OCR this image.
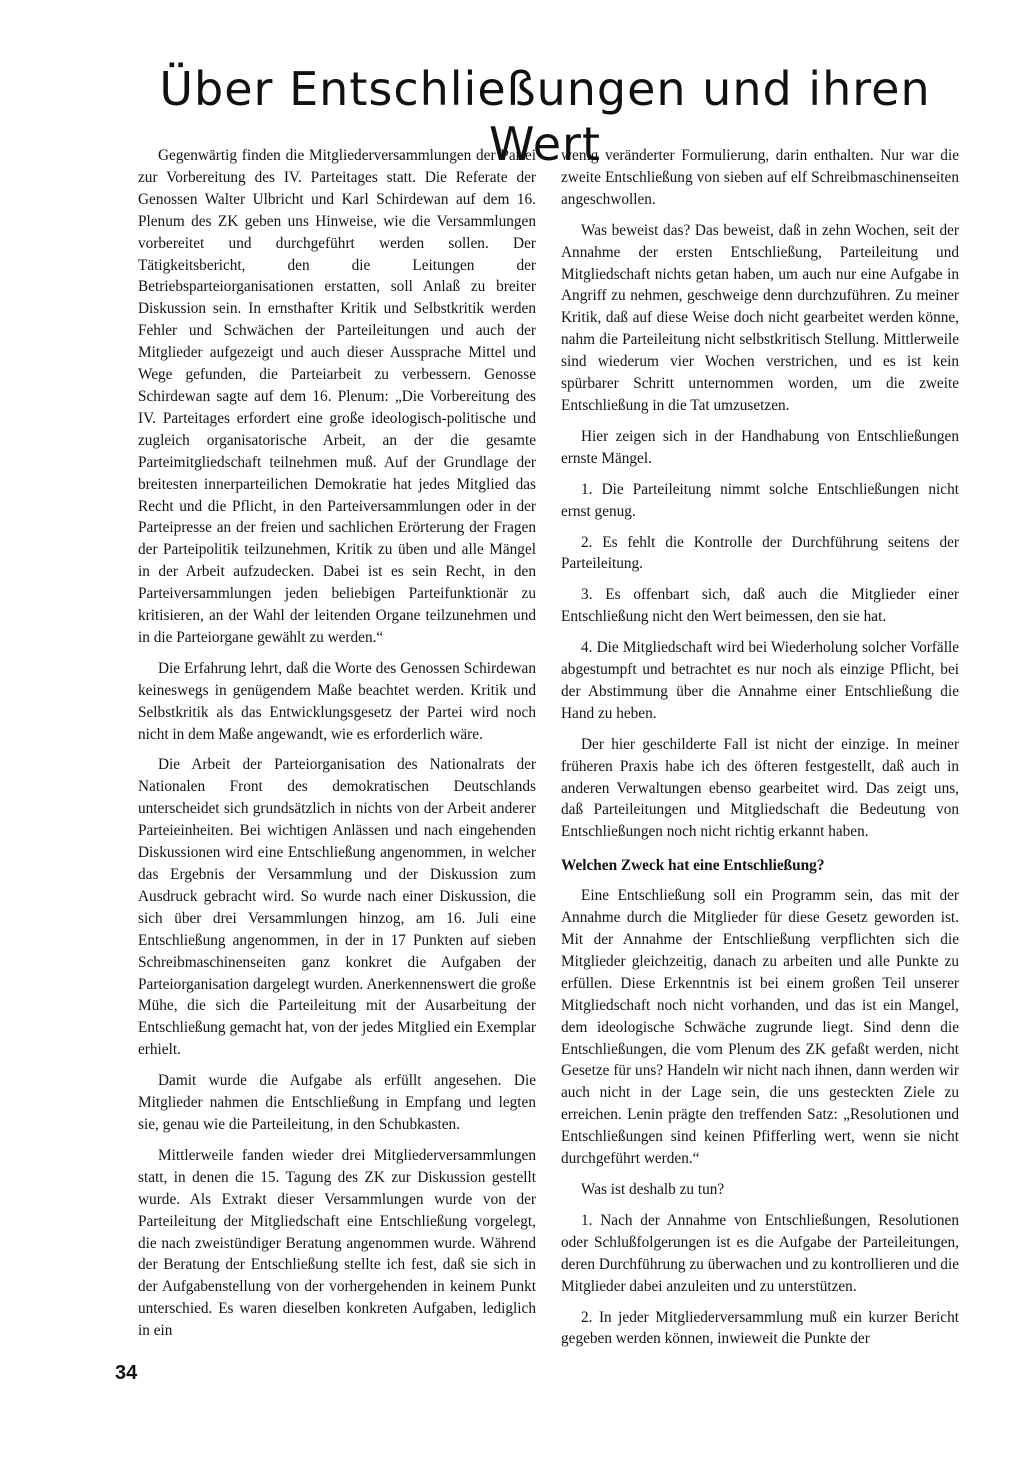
Über Entschließungen und ihren Wert

Gegenwärtig finden die Mitgliederversammlungen der Partei zur Vorbereitung des IV. Parteitages statt. Die Referate der Genossen Walter Ulbricht und Karl Schirdewan auf dem 16. Plenum des ZK geben uns Hinweise, wie die Versammlungen vorbereitet und durchgeführt werden sollen. Der Tätigkeitsbericht, den die Leitungen der Betriebsparteiorganisationen erstatten, soll Anlaß zu breiter Diskussion sein. In ernsthafter Kritik und Selbstkritik werden Fehler und Schwächen der Parteileitungen und auch der Mitglieder aufgezeigt und auch dieser Aussprache Mittel und Wege gefunden, die Parteiarbeit zu verbessern. Genosse Schirdewan sagte auf dem 16. Plenum: „Die Vorbereitung des IV. Parteitages erfordert eine große ideologisch-politische und zugleich organisatorische Arbeit, an der die gesamte Parteimitgliedschaft teilnehmen muß. Auf der Grundlage der breitesten innerparteilichen Demokratie hat jedes Mitglied das Recht und die Pflicht, in den Parteiversammlungen oder in der Parteipresse an der freien und sachlichen Erörterung der Fragen der Parteipolitik teilzunehmen, Kritik zu üben und alle Mängel in der Arbeit aufzudecken. Dabei ist es sein Recht, in den Parteiversammlungen jeden beliebigen Parteifunktionär zu kritisieren, an der Wahl der leitenden Organe teilzunehmen und in die Parteiorgane gewählt zu werden.“

Die Erfahrung lehrt, daß die Worte des Genossen Schirdewan keineswegs in genügendem Maße beachtet werden. Kritik und Selbstkritik als das Entwicklungsgesetz der Partei wird noch nicht in dem Maße angewandt, wie es erforderlich wäre.

Die Arbeit der Parteiorganisation des Nationalrats der Nationalen Front des demokratischen Deutschlands unterscheidet sich grundsätzlich in nichts von der Arbeit anderer Parteieinheiten. Bei wichtigen Anlässen und nach eingehenden Diskussionen wird eine Entschließung angenommen, in welcher das Ergebnis der Versammlung und der Diskussion zum Ausdruck gebracht wird. So wurde nach einer Diskussion, die sich über drei Versammlungen hinzog, am 16. Juli eine Entschließung angenommen, in der in 17 Punkten auf sieben Schreibmaschinenseiten ganz konkret die Aufgaben der Parteiorganisation dargelegt wurden. Anerkennenswert die große Mühe, die sich die Parteileitung mit der Ausarbeitung der Entschließung gemacht hat, von der jedes Mitglied ein Exemplar erhielt.

Damit wurde die Aufgabe als erfüllt angesehen. Die Mitglieder nahmen die Entschließung in Empfang und legten sie, genau wie die Parteileitung, in den Schubkasten.

Mittlerweile fanden wieder drei Mitgliederversammlungen statt, in denen die 15. Tagung des ZK zur Diskussion gestellt wurde. Als Extrakt dieser Versammlungen wurde von der Parteileitung der Mitgliedschaft eine Entschließung vorgelegt, die nach zweistündiger Beratung angenommen wurde. Während der Beratung der Entschließung stellte ich fest, daß sie sich in der Aufgabenstellung von der vorhergehenden in keinem Punkt unterschied. Es waren dieselben konkreten Aufgaben, lediglich in ein

wenig veränderter Formulierung, darin enthalten. Nur war die zweite Entschließung von sieben auf elf Schreibmaschinenseiten angeschwollen.

Was beweist das? Das beweist, daß in zehn Wochen, seit der Annahme der ersten Entschließung, Parteileitung und Mitgliedschaft nichts getan haben, um auch nur eine Aufgabe in Angriff zu nehmen, geschweige denn durchzuführen. Zu meiner Kritik, daß auf diese Weise doch nicht gearbeitet werden könne, nahm die Parteileitung nicht selbstkritisch Stellung. Mittlerweile sind wiederum vier Wochen verstrichen, und es ist kein spürbarer Schritt unternommen worden, um die zweite Entschließung in die Tat umzusetzen.

Hier zeigen sich in der Handhabung von Entschließungen ernste Mängel.

1. Die Parteileitung nimmt solche Entschließungen nicht ernst genug.

2. Es fehlt die Kontrolle der Durchführung seitens der Parteileitung.

3. Es offenbart sich, daß auch die Mitglieder einer Entschließung nicht den Wert beimessen, den sie hat.

4. Die Mitgliedschaft wird bei Wiederholung solcher Vorfälle abgestumpft und betrachtet es nur noch als einzige Pflicht, bei der Abstimmung über die Annahme einer Entschließung die Hand zu heben.

Der hier geschilderte Fall ist nicht der einzige. In meiner früheren Praxis habe ich des öfteren festgestellt, daß auch in anderen Verwaltungen ebenso gearbeitet wird. Das zeigt uns, daß Parteileitungen und Mitgliedschaft die Bedeutung von Entschließungen noch nicht richtig erkannt haben.

Welchen Zweck hat eine Entschließung?

Eine Entschließung soll ein Programm sein, das mit der Annahme durch die Mitglieder für diese Gesetz geworden ist. Mit der Annahme der Entschließung verpflichten sich die Mitglieder gleichzeitig, danach zu arbeiten und alle Punkte zu erfüllen. Diese Erkenntnis ist bei einem großen Teil unserer Mitgliedschaft noch nicht vorhanden, und das ist ein Mangel, dem ideologische Schwäche zugrunde liegt. Sind denn die Entschließungen, die vom Plenum des ZK gefaßt werden, nicht Gesetze für uns? Handeln wir nicht nach ihnen, dann werden wir auch nicht in der Lage sein, die uns gesteckten Ziele zu erreichen. Lenin prägte den treffenden Satz: „Resolutionen und Entschließungen sind keinen Pfifferling wert, wenn sie nicht durchgeführt werden.“

Was ist deshalb zu tun?

1. Nach der Annahme von Entschließungen, Resolutionen oder Schlußfolgerungen ist es die Aufgabe der Parteileitungen, deren Durchführung zu überwachen und zu kontrollieren und die Mitglieder dabei anzuleiten und zu unterstützen.

2. In jeder Mitgliederversammlung muß ein kurzer Bericht gegeben werden können, inwieweit die Punkte der

34
